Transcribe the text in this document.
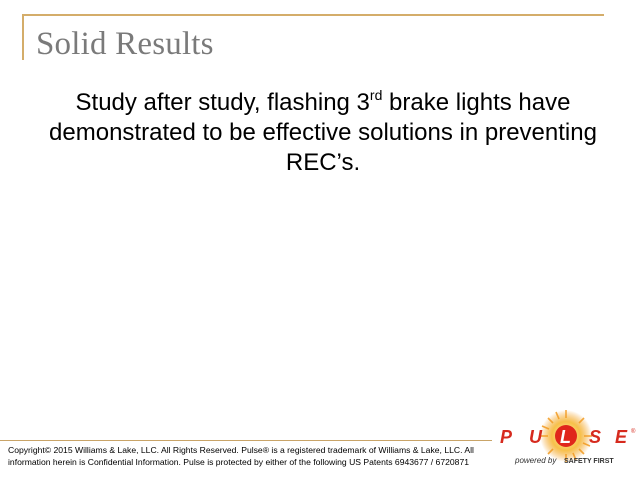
Solid Results
Study after study, flashing 3rd brake lights have demonstrated to be effective solutions in preventing REC’s.
Copyright© 2015 Williams & Lake, LLC. All Rights Reserved. Pulse® is a registered trademark of Williams & Lake, LLC. All
information herein is Confidential Information. Pulse is protected by either of the following US Patents 6943677 / 6720871
P U L S E ®
powered by SAFETY FIRST
